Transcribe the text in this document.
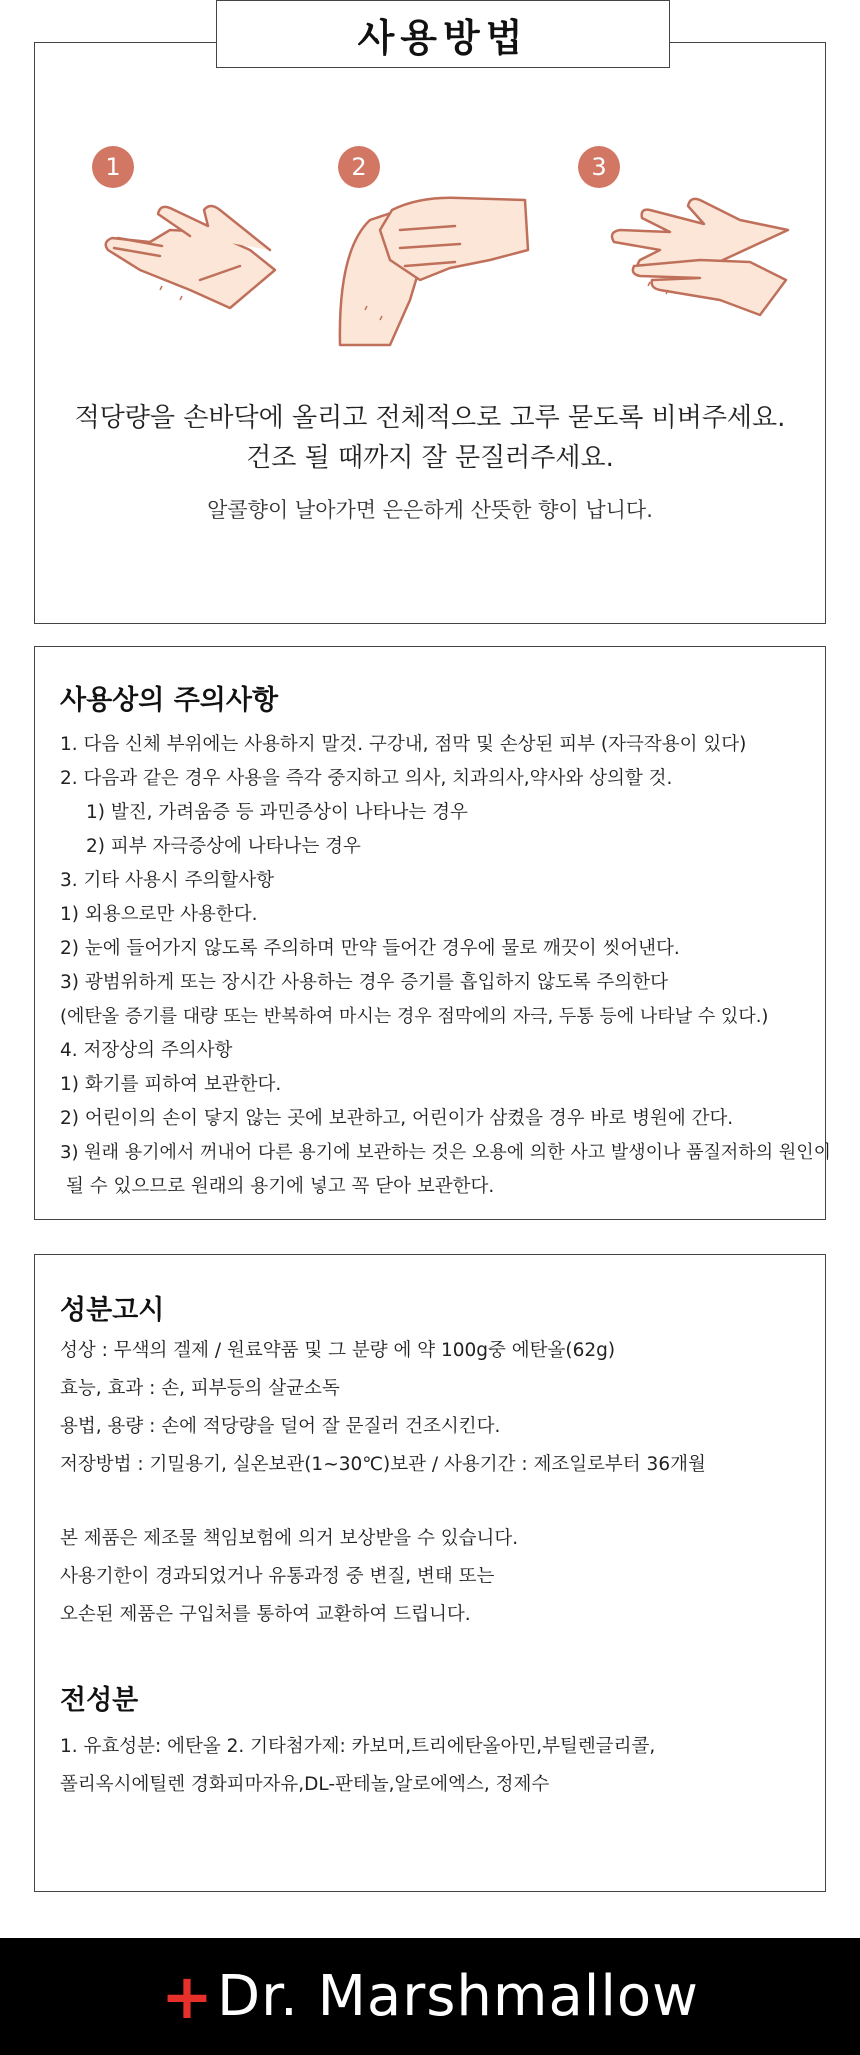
사용방법
1	2	3
적당량을 손바닥에 올리고 전체적으로 고루 묻도록 비벼주세요.
건조 될 때까지 잘 문질러주세요.
알콜향이 날아가면 은은하게 산뜻한 향이 납니다.
사용상의 주의사항
1. 다음 신체 부위에는 사용하지 말것. 구강내, 점막 및 손상된 피부 (자극작용이 있다)
2. 다음과 같은 경우 사용을 즉각 중지하고 의사, 치과의사,약사와 상의할 것.
1) 발진, 가려움증 등 과민증상이 나타나는 경우
2) 피부 자극증상에 나타나는 경우
3. 기타 사용시 주의할사항
1) 외용으로만 사용한다.
2) 눈에 들어가지 않도록 주의하며 만약 들어간 경우에 물로 깨끗이 씻어낸다.
3) 광범위하게 또는 장시간 사용하는 경우 증기를 흡입하지 않도록 주의한다
(에탄올 증기를 대량 또는 반복하여 마시는 경우 점막에의 자극, 두통 등에 나타날 수 있다.)
4. 저장상의 주의사항
1) 화기를 피하여 보관한다.
2) 어린이의 손이 닿지 않는 곳에 보관하고, 어린이가 삼켰을 경우 바로 병원에 간다.
3) 원래 용기에서 꺼내어 다른 용기에 보관하는 것은 오용에 의한 사고 발생이나 품질저하의 원인이
될 수 있으므로 원래의 용기에 넣고 꼭 닫아 보관한다.
성분고시
성상 : 무색의 겔제 / 원료약품 및 그 분량 에 약 100g중 에탄올(62g)
효능, 효과 : 손, 피부등의 살균소독
용법, 용량 : 손에 적당량을 덜어 잘 문질러 건조시킨다.
저장방법 : 기밀용기, 실온보관(1~30℃)보관 / 사용기간 : 제조일로부터 36개월
본 제품은 제조물 책임보험에 의거 보상받을 수 있습니다.
사용기한이 경과되었거나 유통과정 중 변질, 변태 또는
오손된 제품은 구입처를 통하여 교환하여 드립니다.
전성분
1. 유효성분: 에탄올 2. 기타첨가제: 카보머,트리에탄올아민,부틸렌글리콜,
폴리옥시에틸렌 경화피마자유,DL-판테놀,알로에엑스, 정제수
+ Dr. Marshmallow
